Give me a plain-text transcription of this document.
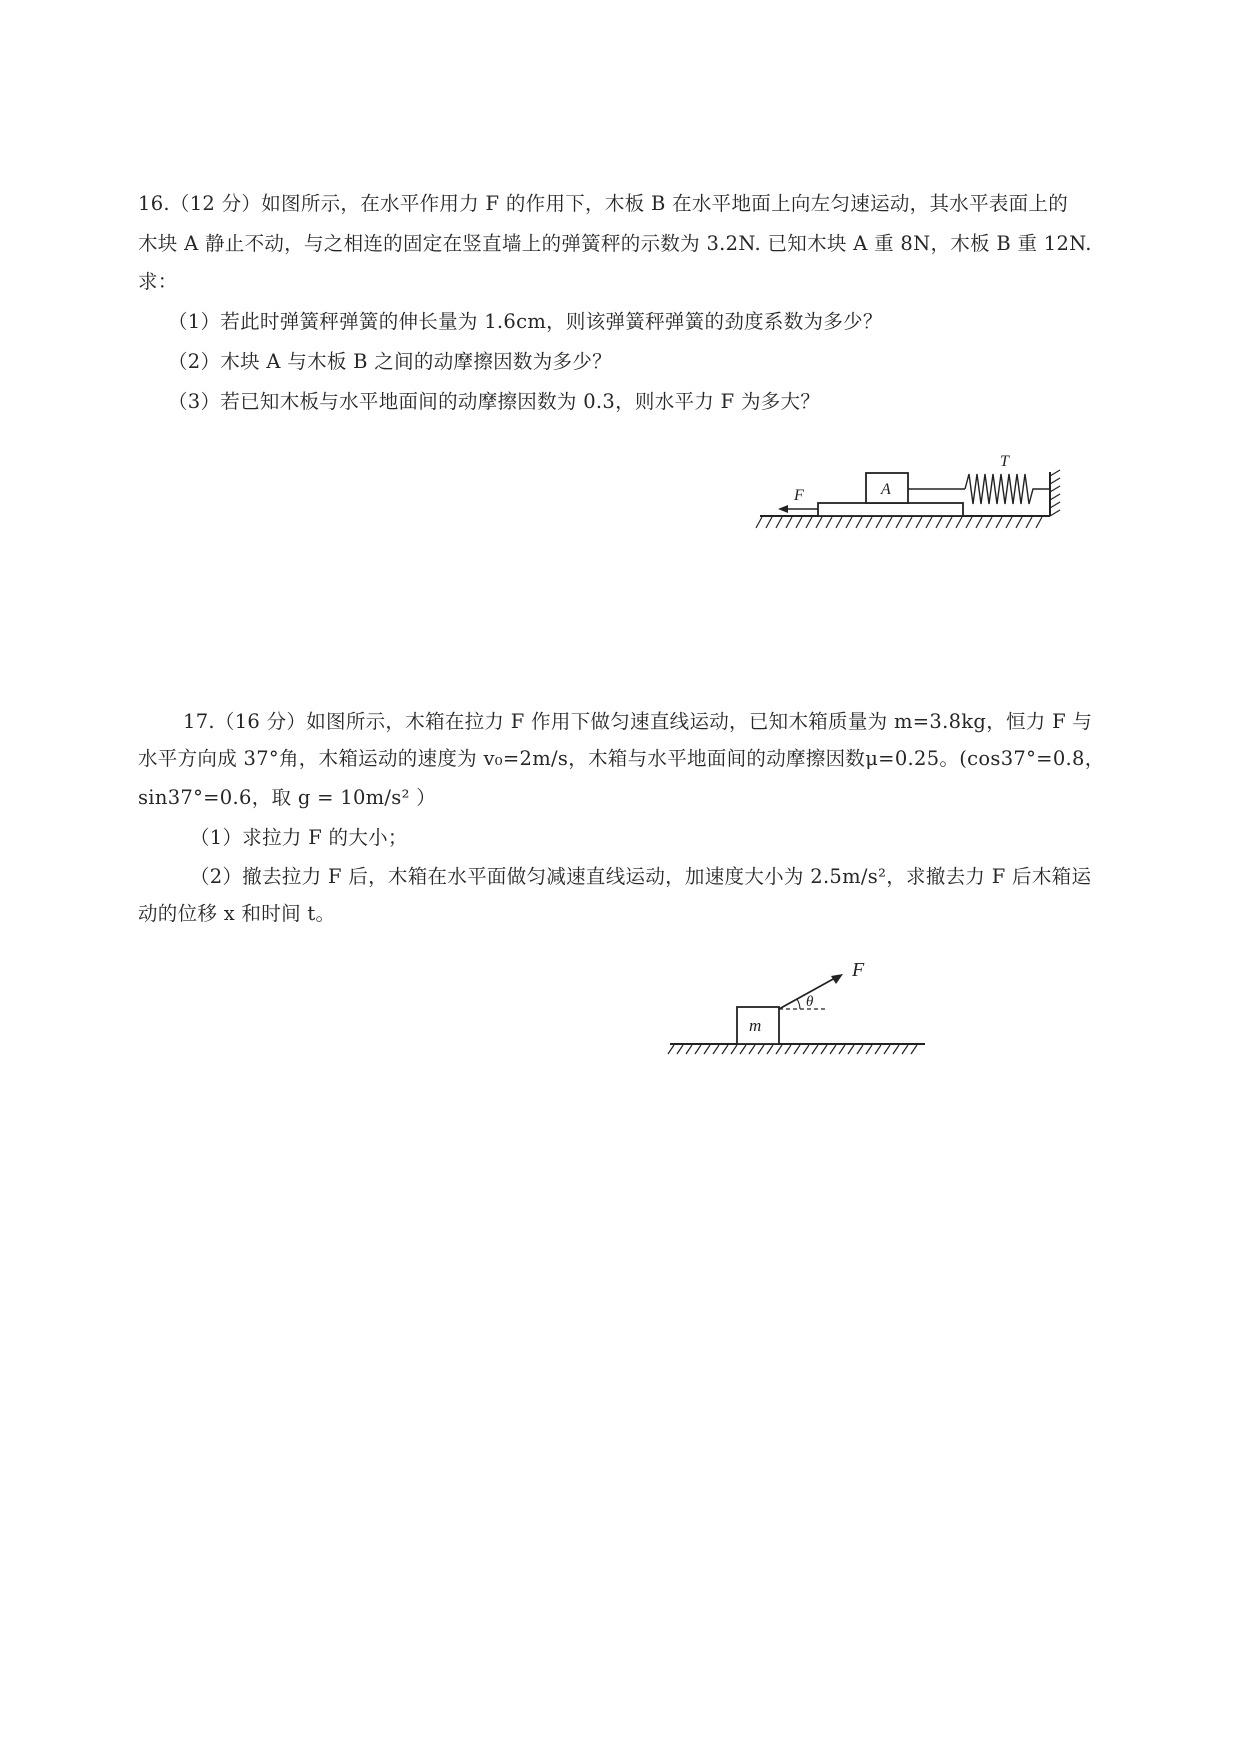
16.（12 分）如图所示，在水平作用力 F 的作用下，木板 B 在水平地面上向左匀速运动，其水平表面上的
木块 A 静止不动，与之相连的固定在竖直墙上的弹簧秤的示数为 3.2N. 已知木块 A 重 8N，木板 B 重 12N.
求：
（1）若此时弹簧秤弹簧的伸长量为 1.6cm，则该弹簧秤弹簧的劲度系数为多少？
（2）木块 A 与木板 B 之间的动摩擦因数为多少？
（3）若已知木板与水平地面间的动摩擦因数为 0.3，则水平力 F 为多大？
A
T
F
17.（16 分）如图所示，木箱在拉力 F 作用下做匀速直线运动，已知木箱质量为 m=3.8kg，恒力 F 与
水平方向成 37°角，木箱运动的速度为 v₀=2m/s，木箱与水平地面间的动摩擦因数μ=0.25。(cos37°=0.8，
sin37°=0.6，取 g = 10m/s² ）
（1）求拉力 F 的大小；
（2）撤去拉力 F 后，木箱在水平面做匀减速直线运动，加速度大小为 2.5m/s²，求撤去力 F 后木箱运
动的位移 x 和时间 t。
m
F
θ
